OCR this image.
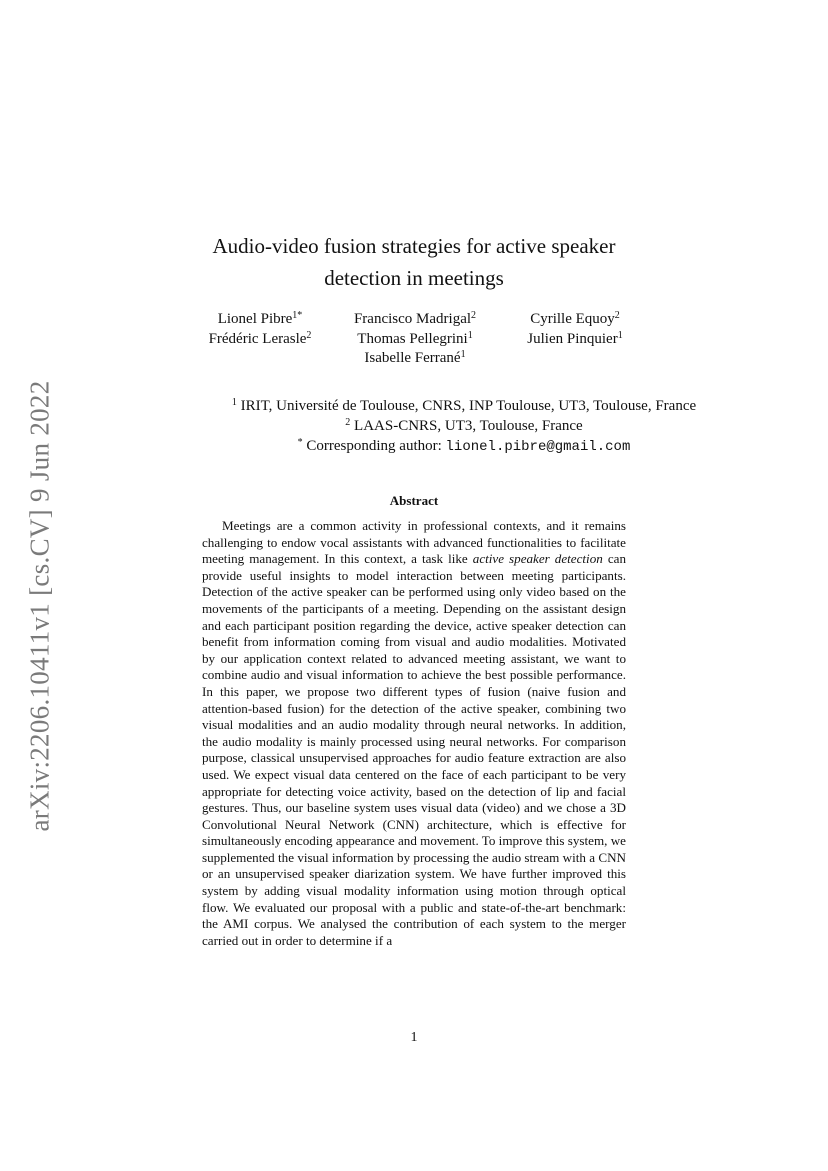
arXiv:2206.10411v1 [cs.CV] 9 Jun 2022
Audio-video fusion strategies for active speaker
detection in meetings
Lionel Pibre$^{1*}$
Frédéric Lerasle$^2$
Francisco Madrigal$^2$
Thomas Pellegrini$^1$
Isabelle Ferrané$^1$
Cyrille Equoy$^2$
Julien Pinquier$^1$
$^1$ IRIT, Université de Toulouse, CNRS, INP Toulouse, UT3, Toulouse, France
$^2$ LAAS-CNRS, UT3, Toulouse, France
* Corresponding author: lionel.pibre@gmail.com
Abstract
Meetings are a common activity in professional contexts, and it remains challenging to endow vocal assistants with advanced functionalities to facilitate meeting management. In this context, a task like active speaker detection can provide useful insights to model interaction between meeting participants. Detection of the active speaker can be performed using only video based on the movements of the participants of a meeting. Depending on the assistant design and each participant position regarding the device, active speaker detection can benefit from information coming from visual and audio modalities. Motivated by our application context related to advanced meeting assistant, we want to combine audio and visual information to achieve the best possible performance. In this paper, we propose two different types of fusion (naive fusion and attention-based fusion) for the detection of the active speaker, combining two visual modalities and an audio modality through neural networks. In addition, the audio modality is mainly processed using neural networks. For comparison purpose, classical unsupervised approaches for audio feature extraction are also used. We expect visual data centered on the face of each participant to be very appropriate for detecting voice activity, based on the detection of lip and facial gestures. Thus, our baseline system uses visual data (video) and we chose a 3D Convolutional Neural Network (CNN) architecture, which is effective for simultaneously encoding appearance and movement. To improve this system, we supplemented the visual information by processing the audio stream with a CNN or an unsupervised speaker diarization system. We have further improved this system by adding visual modality information using motion through optical flow. We evaluated our proposal with a public and state-of-the-art benchmark: the AMI corpus. We analysed the contribution of each system to the merger carried out in order to determine if a
1
